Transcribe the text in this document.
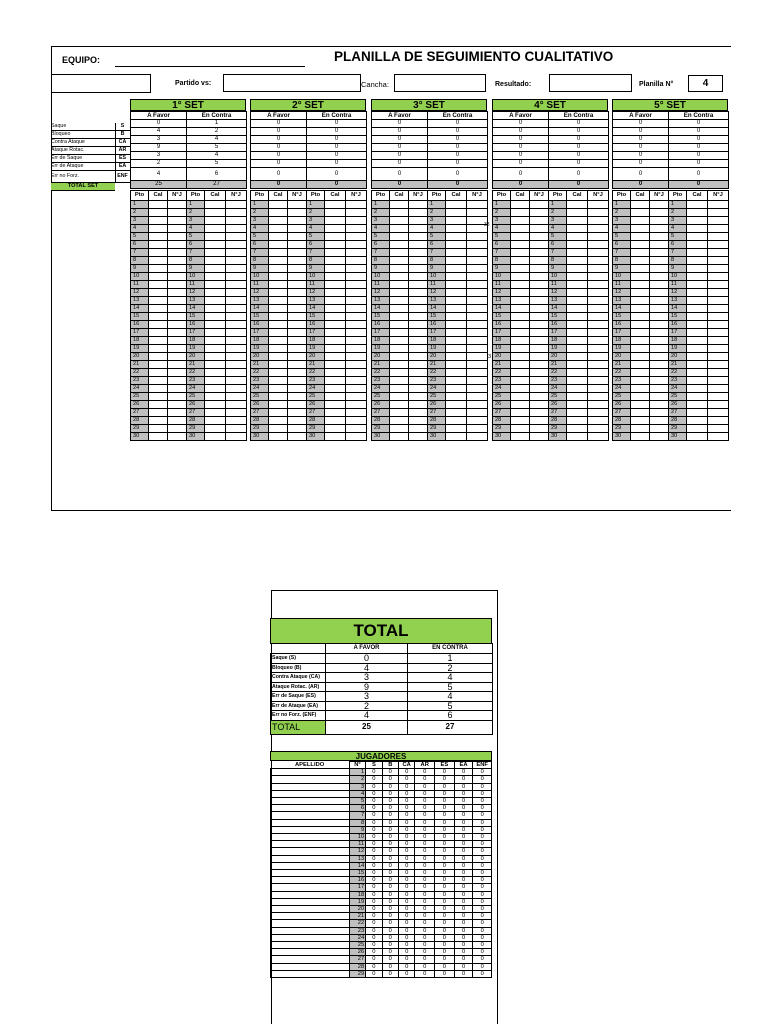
EQUIPO:	PLANILLA DE SEGUIMIENTO CUALITATIVO
Partido vs:	Cancha:	Resultado:	Planilla N°	4
Saque	S
Bloqueo	B
Contra Ataque	CA
Ataque Rotac.	AR
Err de Saque	ES
Err de Ataque	EA
Err no Forz.	ENF
TOTAL SET	
1° SET
A Favor	En Contra
0	1
4	2
3	4
9	5
3	4
2	5
4	6
25	27
Pto	Cal	N°J	Pto	Cal	N°J
1			1		
2			2		
3			3		
4			4		
5			5		
6			6		
7			7		
8			8		
9			9		
10			10		
11			11		
12			12		
13			13		
14			14		
15			15		
16			16		
17			17		
18			18		
19			19		
20			20		
21			21		
22			22		
23			23		
24			24		
25			25		
26			26		
27			27		
28			28		
29			29		
30			30		
2° SET
A Favor	En Contra
0	0
0	0
0	0
0	0
0	0
0	0
0	0
0	0
Pto	Cal	N°J	Pto	Cal	N°J
1			1		
2			2		
3			3		
4			4		
5			5		
6			6		
7			7		
8			8		
9			9		
10			10		
11			11		
12			12		
13			13		
14			14		
15			15		
16			16		
17			17		
18			18		
19			19		
20			20		
21			21		
22			22		
23			23		
24			24		
25			25		
26			26		
27			27		
28			28		
29			29		
30			30		
3° SET
A Favor	En Contra
0	0
0	0
0	0
0	0
0	0
0	0
0	0
0	0
Pto	Cal	N°J	Pto	Cal	N°J
1			1		
2			2		
3			3		
4			4		
5			5		
6			6		
7			7		
8			8		
9			9		
10			10		
11			11		
12			12		
13			13		
14			14		
15			15		
16			16		
17			17		
18			18		
19			19		
20			20		
21			21		
22			22		
23			23		
24			24		
25			25		
26			26		
27			27		
28			28		
29			29		
30			30		
4° SET
A Favor	En Contra
0	0
0	0
0	0
0	0
0	0
0	0
0	0
0	0
Pto	Cal	N°J	Pto	Cal	N°J
1			1		
2			2		
3			3		
4			4		
5			5		
6			6		
7			7		
8			8		
9			9		
10			10		
11			11		
12			12		
13			13		
14			14		
15			15		
16			16		
17			17		
18			18		
19			19		
20			20		
21			21		
22			22		
23			23		
24			24		
25			25		
26			26		
27			27		
28			28		
29			29		
30			30		
5° SET
A Favor	En Contra
0	0
0	0
0	0
0	0
0	0
0	0
0	0
0	0
Pto	Cal	N°J	Pto	Cal	N°J
1			1		
2			2		
3			3		
4			4		
5			5		
6			6		
7			7		
8			8		
9			9		
10			10		
11			11		
12			12		
13			13		
14			14		
15			15		
16			16		
17			17		
18			18		
19			19		
20			20		
21			21		
22			22		
23			23		
24			24		
25			25		
26			26		
27			27		
28			28		
29			29		
30			30		
38
3
TOTAL
	A FAVOR	EN CONTRA
Saque (S)	0	1
Bloqueo (B)	4	2
Contra Ataque (CA)	3	4
Ataque Rotac. (AR)	9	5
Err de Saque (ES)	3	4
Err de Ataque (EA)	2	5
Err no Forz. (ENF)	4	6
TOTAL	25	27
JUGADORES
APELLIDO	N°	S	B	CA	AR	ES	EA	ENF
	1	0	0	0	0	0	0	0
	2	0	0	0	0	0	0	0
	3	0	0	0	0	0	0	0
	4	0	0	0	0	0	0	0
	5	0	0	0	0	0	0	0
	6	0	0	0	0	0	0	0
	7	0	0	0	0	0	0	0
	8	0	0	0	0	0	0	0
	9	0	0	0	0	0	0	0
	10	0	0	0	0	0	0	0
	11	0	0	0	0	0	0	0
	12	0	0	0	0	0	0	0
	13	0	0	0	0	0	0	0
	14	0	0	0	0	0	0	0
	15	0	0	0	0	0	0	0
	16	0	0	0	0	0	0	0
	17	0	0	0	0	0	0	0
	18	0	0	0	0	0	0	0
	19	0	0	0	0	0	0	0
	20	0	0	0	0	0	0	0
	21	0	0	0	0	0	0	0
	22	0	0	0	0	0	0	0
	23	0	0	0	0	0	0	0
	24	0	0	0	0	0	0	0
	25	0	0	0	0	0	0	0
	26	0	0	0	0	0	0	0
	27	0	0	0	0	0	0	0
	28	0	0	0	0	0	0	0
	29	0	0	0	0	0	0	0
